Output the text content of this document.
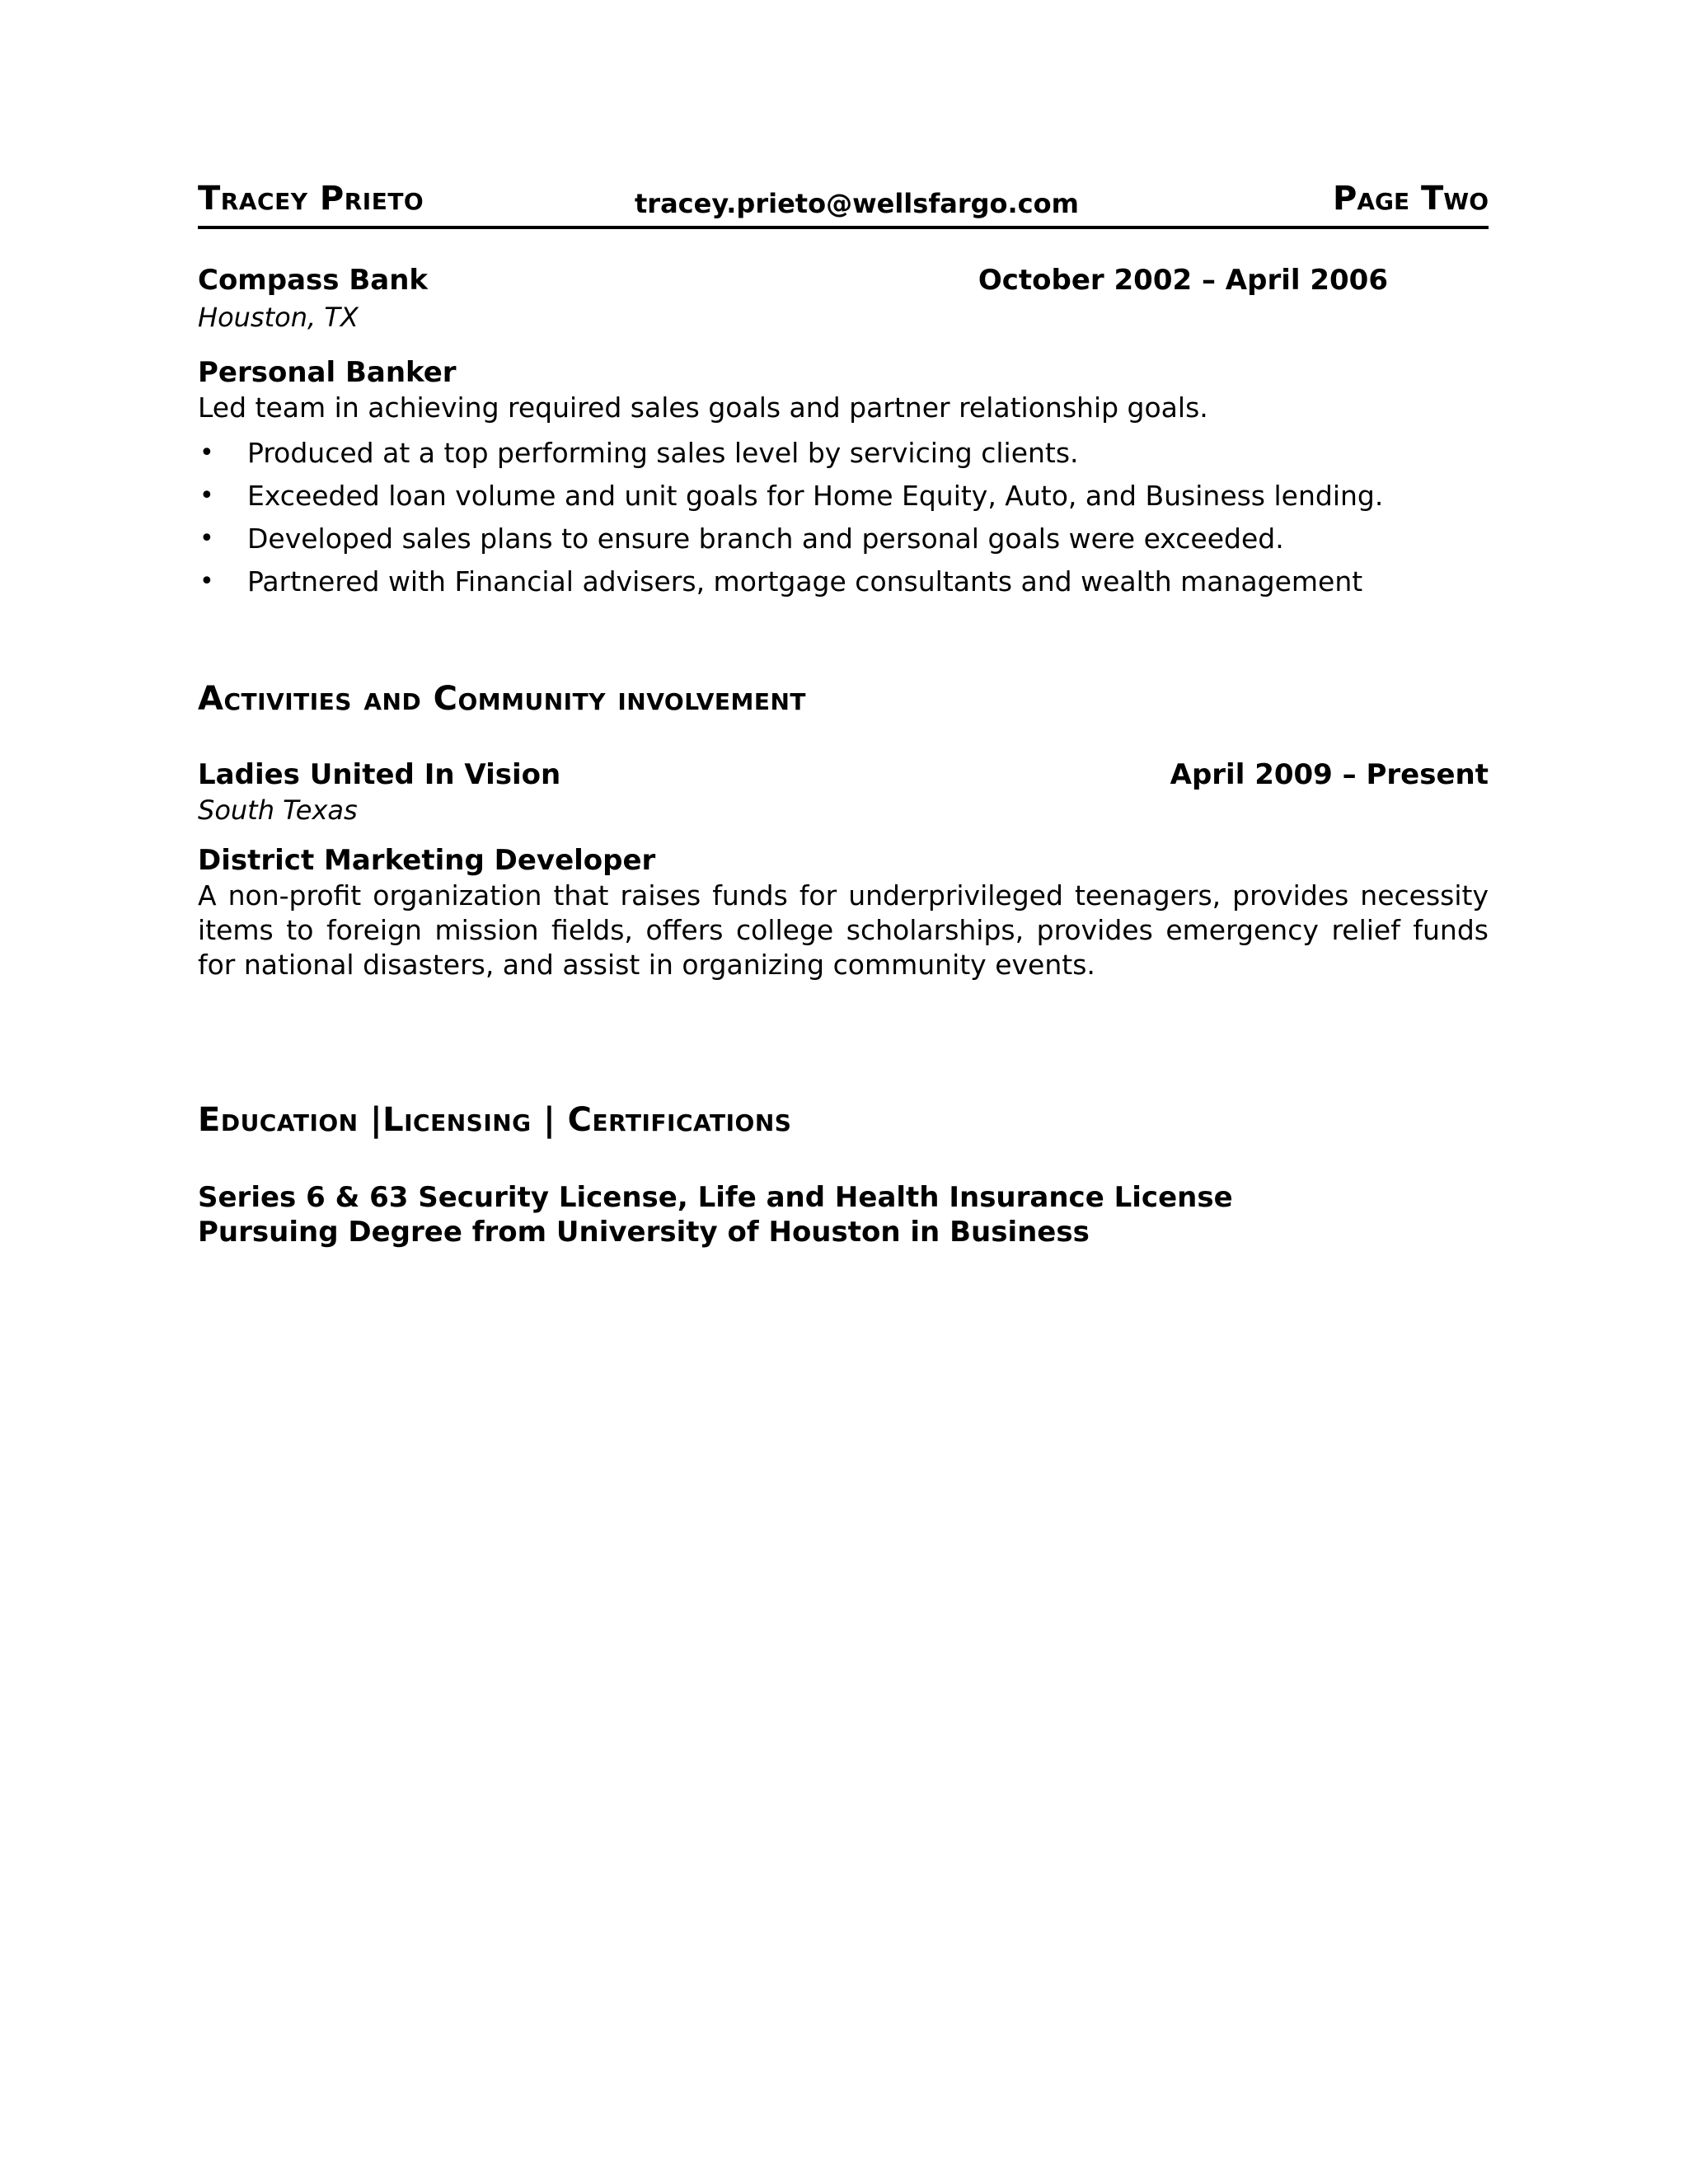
Tracey Prieto	tracey.prieto@wellsfargo.com	Page Two
Compass Bank	October 2002 – April 2006
Houston, TX
Personal Banker
Led team in achieving required sales goals and partner relationship goals.
• Produced at a top performing sales level by servicing clients.
• Exceeded loan volume and unit goals for Home Equity, Auto, and Business lending.
• Developed sales plans to ensure branch and personal goals were exceeded.
• Partnered with Financial advisers, mortgage consultants and wealth management
Activities and Community involvement
Ladies United In Vision	April 2009 – Present
South Texas
District Marketing Developer
A non-profit organization that raises funds for underprivileged teenagers, provides necessity items to foreign mission fields, offers college scholarships, provides emergency relief funds for national disasters, and assist in organizing community events.
Education |Licensing | Certifications
Series 6 & 63 Security License, Life and Health Insurance License
Pursuing Degree from University of Houston in Business
